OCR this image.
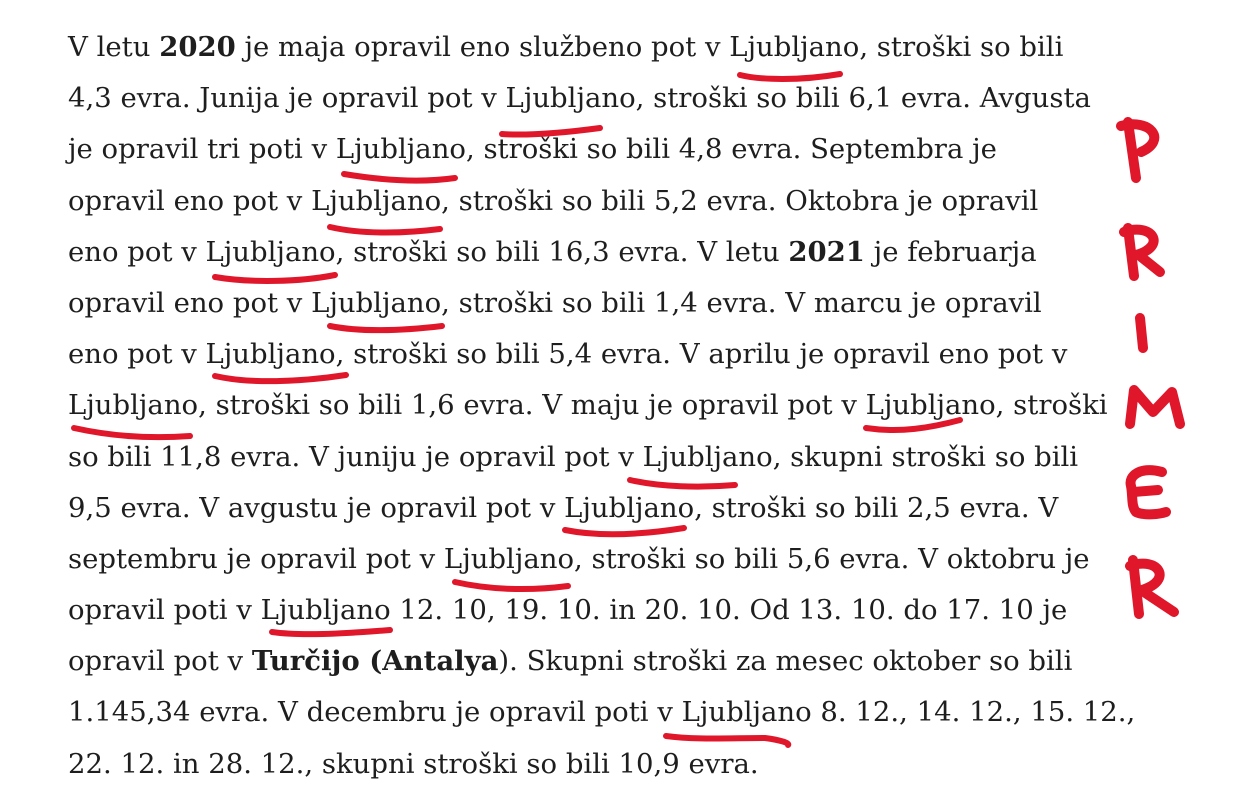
V letu 2020 je maja opravil eno službeno pot v Ljubljano, stroški so bili
4,3 evra. Junija je opravil pot v Ljubljano, stroški so bili 6,1 evra. Avgusta
je opravil tri poti v Ljubljano, stroški so bili 4,8 evra. Septembra je
opravil eno pot v Ljubljano, stroški so bili 5,2 evra. Oktobra je opravil
eno pot v Ljubljano, stroški so bili 16,3 evra. V letu 2021 je februarja
opravil eno pot v Ljubljano, stroški so bili 1,4 evra. V marcu je opravil
eno pot v Ljubljano, stroški so bili 5,4 evra. V aprilu je opravil eno pot v
Ljubljano, stroški so bili 1,6 evra. V maju je opravil pot v Ljubljano, stroški
so bili 11,8 evra. V juniju je opravil pot v Ljubljano, skupni stroški so bili
9,5 evra. V avgustu je opravil pot v Ljubljano, stroški so bili 2,5 evra. V
septembru je opravil pot v Ljubljano, stroški so bili 5,6 evra. V oktobru je
opravil poti v Ljubljano 12. 10, 19. 10. in 20. 10. Od 13. 10. do 17. 10 je
opravil pot v Turčijo (Antalya). Skupni stroški za mesec oktober so bili
1.145,34 evra. V decembru je opravil poti v Ljubljano 8. 12., 14. 12., 15. 12.,
22. 12. in 28. 12., skupni stroški so bili 10,9 evra.
